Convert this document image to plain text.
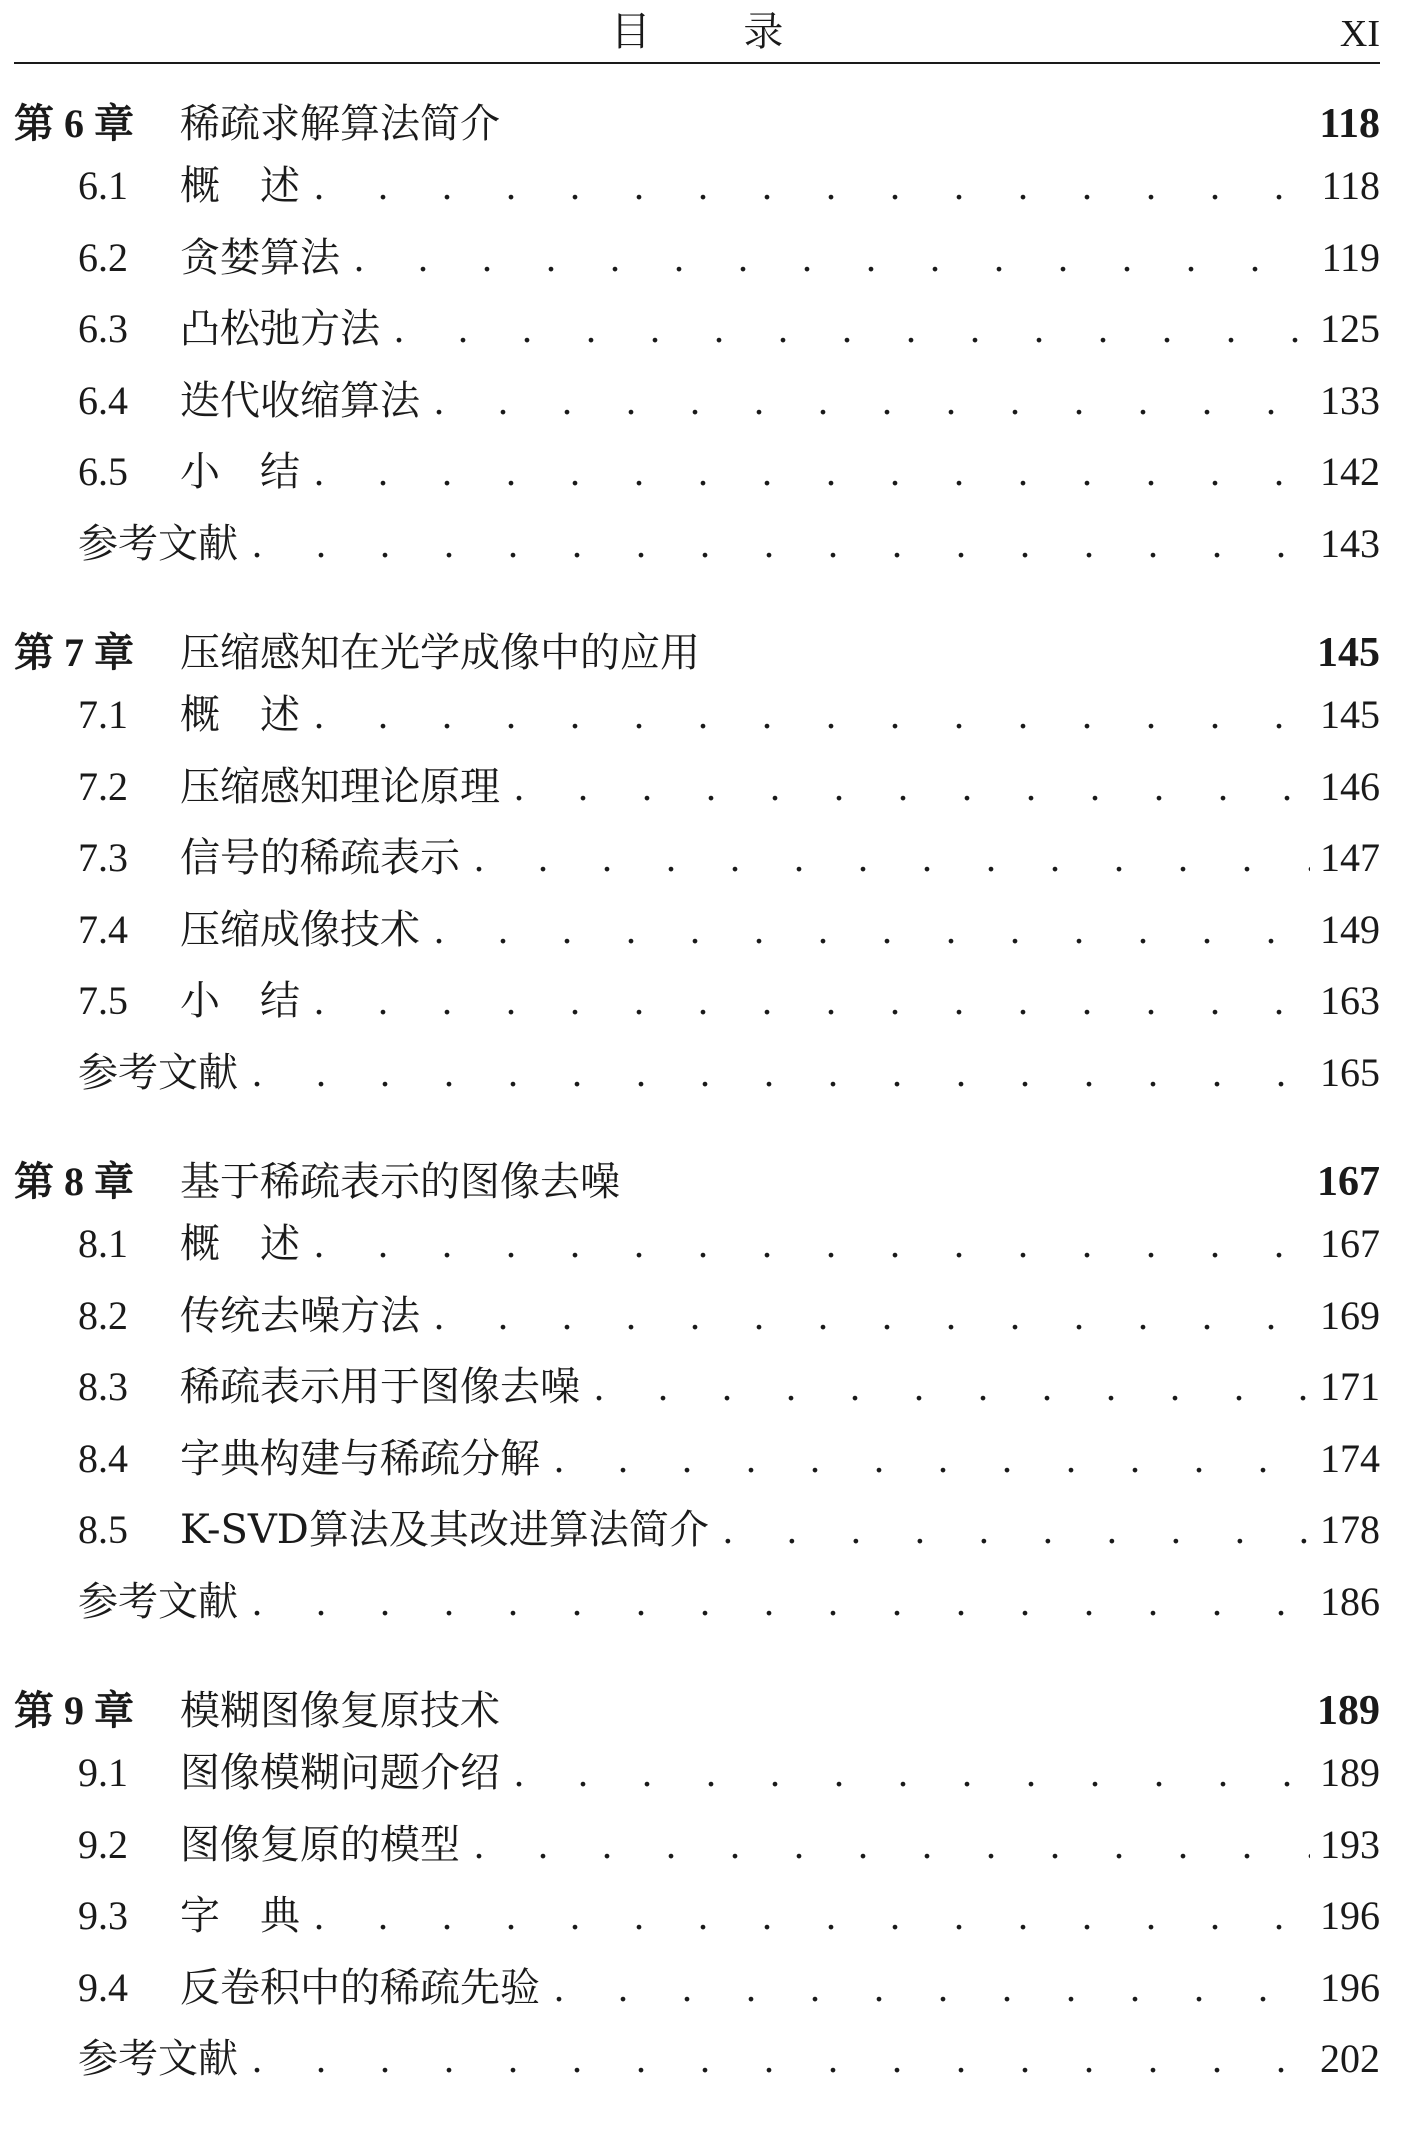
目 录	XI
第 6 章	稀疏求解算法简介	118
6.1	概　述 . . .	118
6.2	贪婪算法 . . .	119
6.3	凸松弛方法 . . .	125
6.4	迭代收缩算法 . . .	133
6.5	小　结 . . .	142
参考文献 . . .	143
第 7 章	压缩感知在光学成像中的应用	145
7.1	概　述 . . .	145
7.2	压缩感知理论原理 . . .	146
7.3	信号的稀疏表示 . . .	147
7.4	压缩成像技术 . . .	149
7.5	小　结 . . .	163
参考文献 . . .	165
第 8 章	基于稀疏表示的图像去噪	167
8.1	概　述 . . .	167
8.2	传统去噪方法 . . .	169
8.3	稀疏表示用于图像去噪 . . .	171
8.4	字典构建与稀疏分解 . . .	174
8.5	K-SVD算法及其改进算法简介 . . .	178
参考文献 . . .	186
第 9 章	模糊图像复原技术	189
9.1	图像模糊问题介绍 . . .	189
9.2	图像复原的模型 . . .	193
9.3	字　典 . . .	196
9.4	反卷积中的稀疏先验 . . .	196
参考文献 . . .	202
